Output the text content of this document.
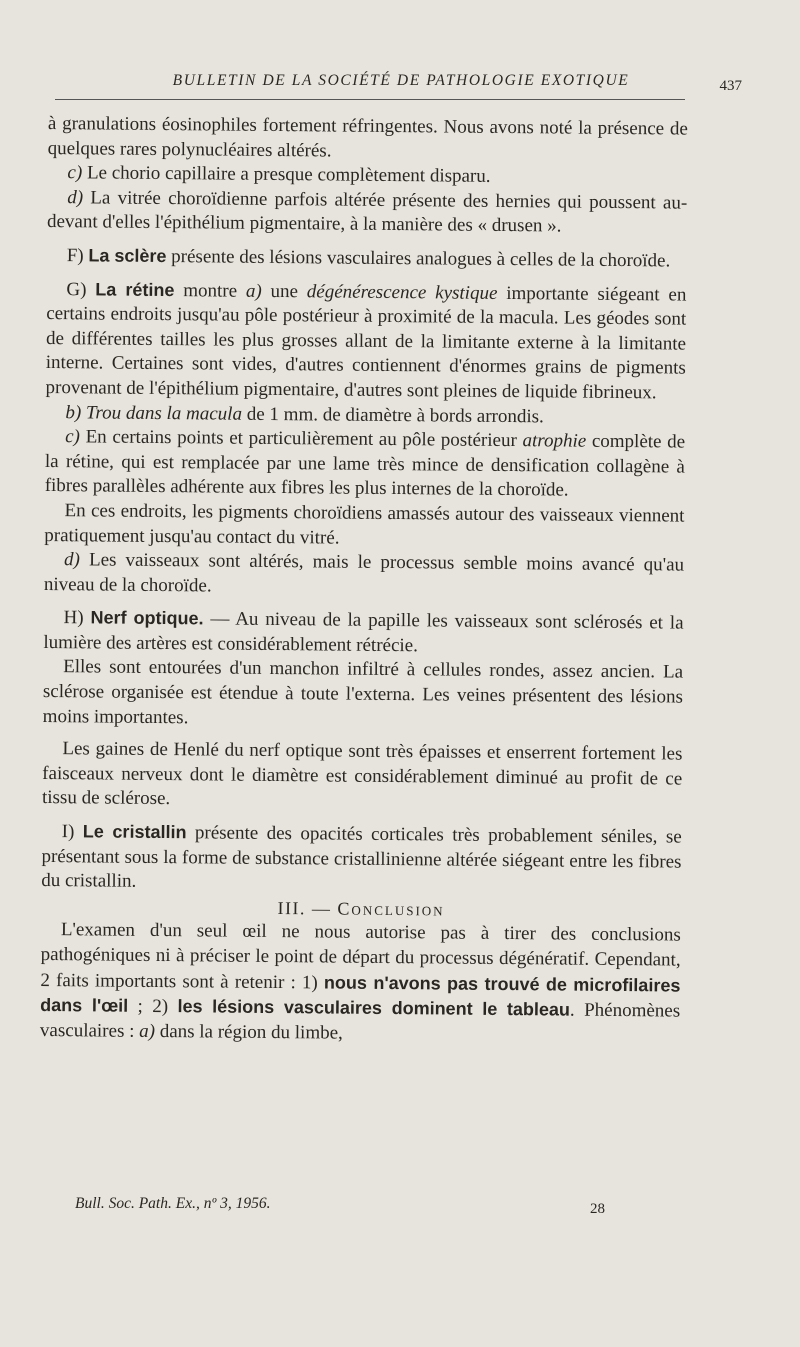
BULLETIN DE LA SOCIÉTÉ DE PATHOLOGIE EXOTIQUE	437

à granulations éosinophiles fortement réfringentes. Nous avons noté la présence de quelques rares polynucléaires altérés.

c) Le chorio capillaire a presque complètement disparu.

d) La vitrée choroïdienne parfois altérée présente des hernies qui poussent au-devant d'elles l'épithélium pigmentaire, à la manière des « drusen ».

F) La sclère présente des lésions vasculaires analogues à celles de la choroïde.

G) La rétine montre a) une dégénérescence kystique importante siégeant en certains endroits jusqu'au pôle postérieur à proximité de la macula. Les géodes sont de différentes tailles les plus grosses allant de la limitante externe à la limitante interne. Certaines sont vides, d'autres contiennent d'énormes grains de pigments provenant de l'épithélium pigmentaire, d'autres sont pleines de liquide fibrineux.

b) Trou dans la macula de 1 mm. de diamètre à bords arrondis.

c) En certains points et particulièrement au pôle postérieur atrophie complète de la rétine, qui est remplacée par une lame très mince de densification collagène à fibres parallèles adhérente aux fibres les plus internes de la choroïde.

En ces endroits, les pigments choroïdiens amassés autour des vaisseaux viennent pratiquement jusqu'au contact du vitré.

d) Les vaisseaux sont altérés, mais le processus semble moins avancé qu'au niveau de la choroïde.

H) Nerf optique. — Au niveau de la papille les vaisseaux sont sclérosés et la lumière des artères est considérablement rétrécie.

Elles sont entourées d'un manchon infiltré à cellules rondes, assez ancien. La sclérose organisée est étendue à toute l'externa. Les veines présentent des lésions moins importantes.

Les gaines de Henlé du nerf optique sont très épaisses et enserrent fortement les faisceaux nerveux dont le diamètre est considérablement diminué au profit de ce tissu de sclérose.

I) Le cristallin présente des opacités corticales très probablement séniles, se présentant sous la forme de substance cristallinienne altérée siégeant entre les fibres du cristallin.

III. — Conclusion

L'examen d'un seul œil ne nous autorise pas à tirer des conclusions pathogéniques ni à préciser le point de départ du processus dégénératif. Cependant, 2 faits importants sont à retenir : 1) nous n'avons pas trouvé de microfilaires dans l'œil ; 2) les lésions vasculaires dominent le tableau. Phénomènes vasculaires : a) dans la région du limbe,

Bull. Soc. Path. Ex., nº 3, 1956.	28
